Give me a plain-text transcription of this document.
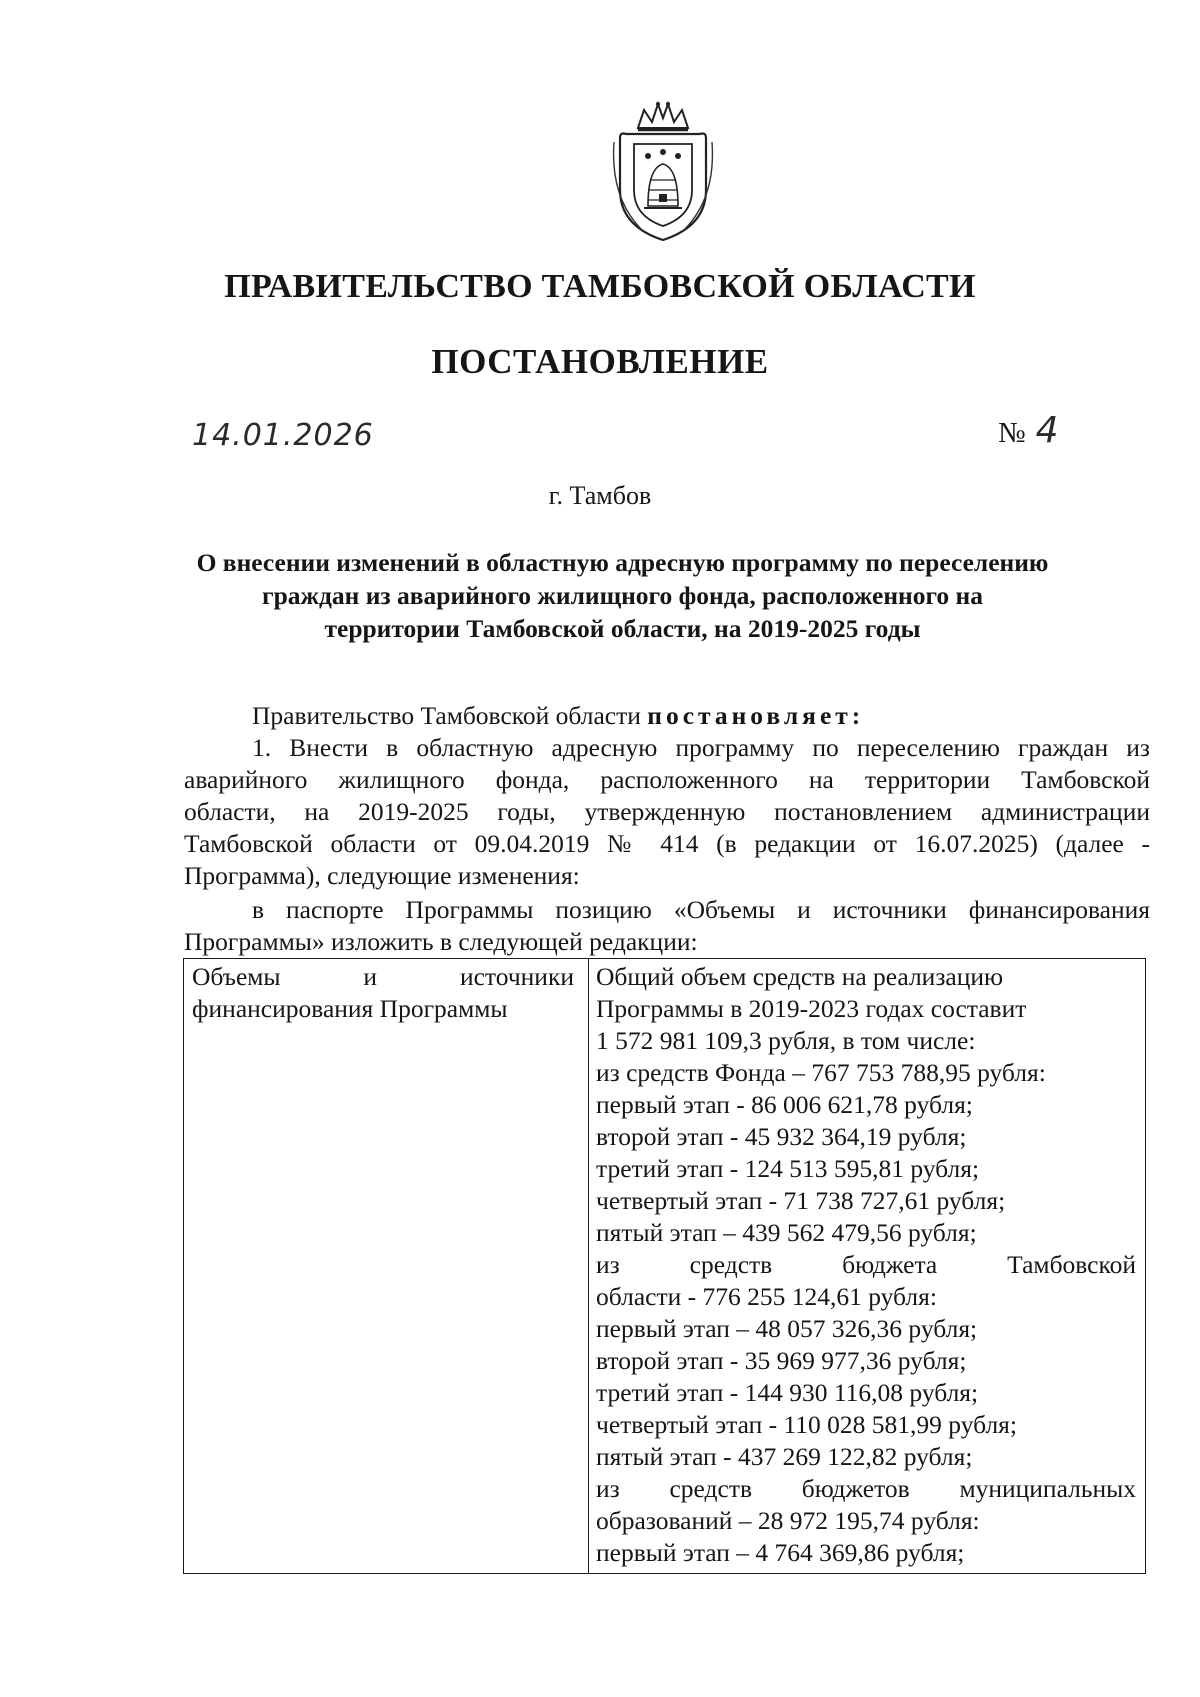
ПРАВИТЕЛЬСТВО ТАМБОВСКОЙ ОБЛАСТИ
ПОСТАНОВЛЕНИЕ
14.01.2026	№ 4
г. Тамбов
О внесении изменений в областную адресную программу по переселению
граждан из аварийного жилищного фонда, расположенного на
территории Тамбовской области, на 2019-2025 годы
Правительство Тамбовской области постановляет:
1. Внести в областную адресную программу по переселению граждан из
аварийного жилищного фонда, расположенного на территории Тамбовской
области, на 2019-2025 годы, утвержденную постановлением администрации
Тамбовской области от 09.04.2019 № 414 (в редакции от 16.07.2025) (далее -
Программа), следующие изменения:
в паспорте Программы позицию «Объемы и источники финансирования
Программы» изложить в следующей редакции:
Объемы и источники
финансирования Программы
Общий объем средств на реализацию
Программы в 2019-2023 годах составит
1 572 981 109,3 рубля, в том числе:
из средств Фонда – 767 753 788,95 рубля:
первый этап - 86 006 621,78 рубля;
второй этап - 45 932 364,19 рубля;
третий этап - 124 513 595,81 рубля;
четвертый этап - 71 738 727,61 рубля;
пятый этап – 439 562 479,56 рубля;
из средств бюджета Тамбовской
области - 776 255 124,61 рубля:
первый этап – 48 057 326,36 рубля;
второй этап - 35 969 977,36 рубля;
третий этап - 144 930 116,08 рубля;
четвертый этап - 110 028 581,99 рубля;
пятый этап - 437 269 122,82 рубля;
из средств бюджетов муниципальных
образований – 28 972 195,74 рубля:
первый этап – 4 764 369,86 рубля;
